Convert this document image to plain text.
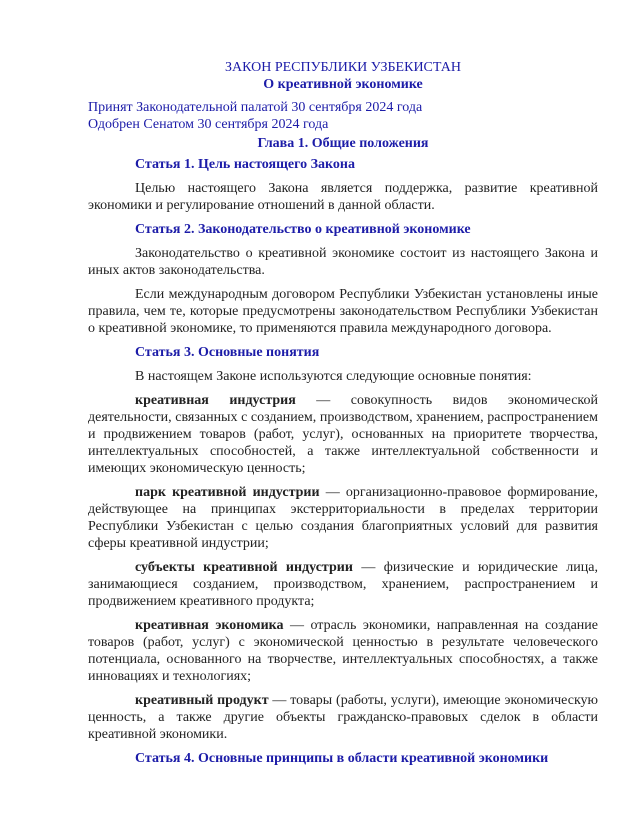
ЗАКОН РЕСПУБЛИКИ УЗБЕКИСТАН

О креативной экономике

Принят Законодательной палатой 30 сентября 2024 года

Одобрен Сенатом 30 сентября 2024 года

Глава 1. Общие положения

Статья 1. Цель настоящего Закона

Целью настоящего Закона является поддержка, развитие креативной экономики и регулирование отношений в данной области.

Статья 2. Законодательство о креативной экономике

Законодательство о креативной экономике состоит из настоящего Закона и иных актов законодательства.

Если международным договором Республики Узбекистан установлены иные правила, чем те, которые предусмотрены законодательством Республики Узбекистан о креативной экономике, то применяются правила международного договора.

Статья 3. Основные понятия

В настоящем Законе используются следующие основные понятия:

креативная индустрия — совокупность видов экономической деятельности, связанных с созданием, производством, хранением, распространением и продвижением товаров (работ, услуг), основанных на приоритете творчества, интеллектуальных способностей, а также интеллектуальной собственности и имеющих экономическую ценность;

парк креативной индустрии — организационно-правовое формирование, действующее на принципах экстерриториальности в пределах территории Республики Узбекистан с целью создания благоприятных условий для развития сферы креативной индустрии;

субъекты креативной индустрии — физические и юридические лица, занимающиеся созданием, производством, хранением, распространением и продвижением креативного продукта;

креативная экономика — отрасль экономики, направленная на создание товаров (работ, услуг) с экономической ценностью в результате человеческого потенциала, основанного на творчестве, интеллектуальных способностях, а также инновациях и технологиях;

креативный продукт — товары (работы, услуги), имеющие экономическую ценность, а также другие объекты гражданско-правовых сделок в области креативной экономики.

Статья 4. Основные принципы в области креативной экономики
